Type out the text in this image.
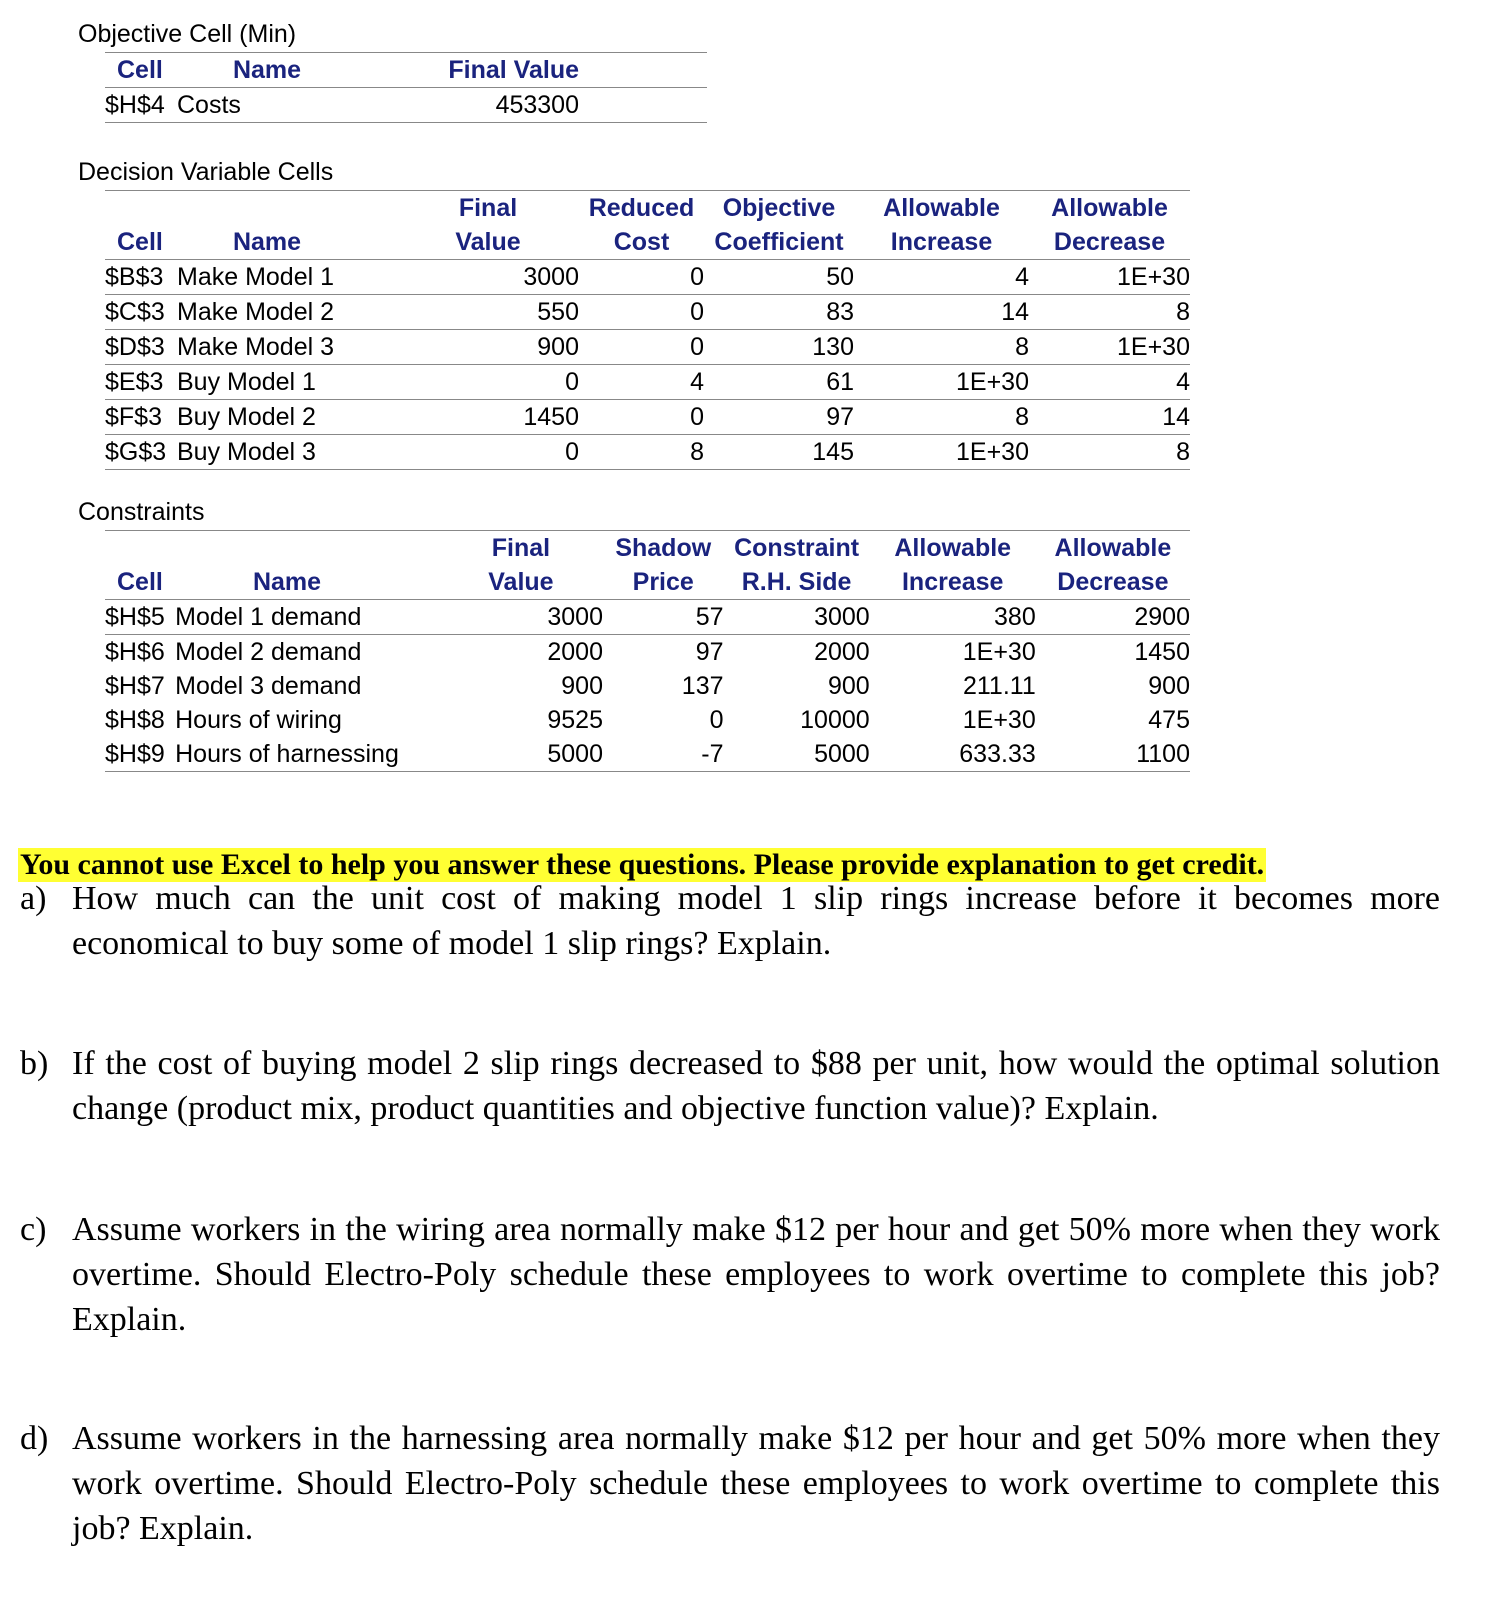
Objective Cell (Min)
Cell	Name	Final Value	
$H$4	Costs	453300	
Decision Variable Cells
		Final	Reduced	Objective	Allowable	Allowable
Cell	Name	Value	Cost	Coefficient	Increase	Decrease
$B$3	Make Model 1	3000	0	50	4	1E+30
$C$3	Make Model 2	550	0	83	14	8
$D$3	Make Model 3	900	0	130	8	1E+30
$E$3	Buy Model 1	0	4	61	1E+30	4
$F$3	Buy Model 2	1450	0	97	8	14
$G$3	Buy Model 3	0	8	145	1E+30	8
Constraints
		Final	Shadow	Constraint	Allowable	Allowable
Cell	Name	Value	Price	R.H. Side	Increase	Decrease
$H$5	Model 1 demand	3000	57	3000	380	2900
$H$6	Model 2 demand	2000	97	2000	1E+30	1450
$H$7	Model 3 demand	900	137	900	211.11	900
$H$8	Hours of wiring	9525	0	10000	1E+30	475
$H$9	Hours of harnessing	5000	-7	5000	633.33	1100
You cannot use Excel to help you answer these questions. Please provide explanation to get credit.
a) How much can the unit cost of making model 1 slip rings increase before it becomes more economical to buy some of model 1 slip rings? Explain.
b) If the cost of buying model 2 slip rings decreased to $88 per unit, how would the optimal solution change (product mix, product quantities and objective function value)? Explain.
c) Assume workers in the wiring area normally make $12 per hour and get 50% more when they work overtime. Should Electro-Poly schedule these employees to work overtime to complete this job? Explain.
d) Assume workers in the harnessing area normally make $12 per hour and get 50% more when they work overtime. Should Electro-Poly schedule these employees to work overtime to complete this job? Explain.
